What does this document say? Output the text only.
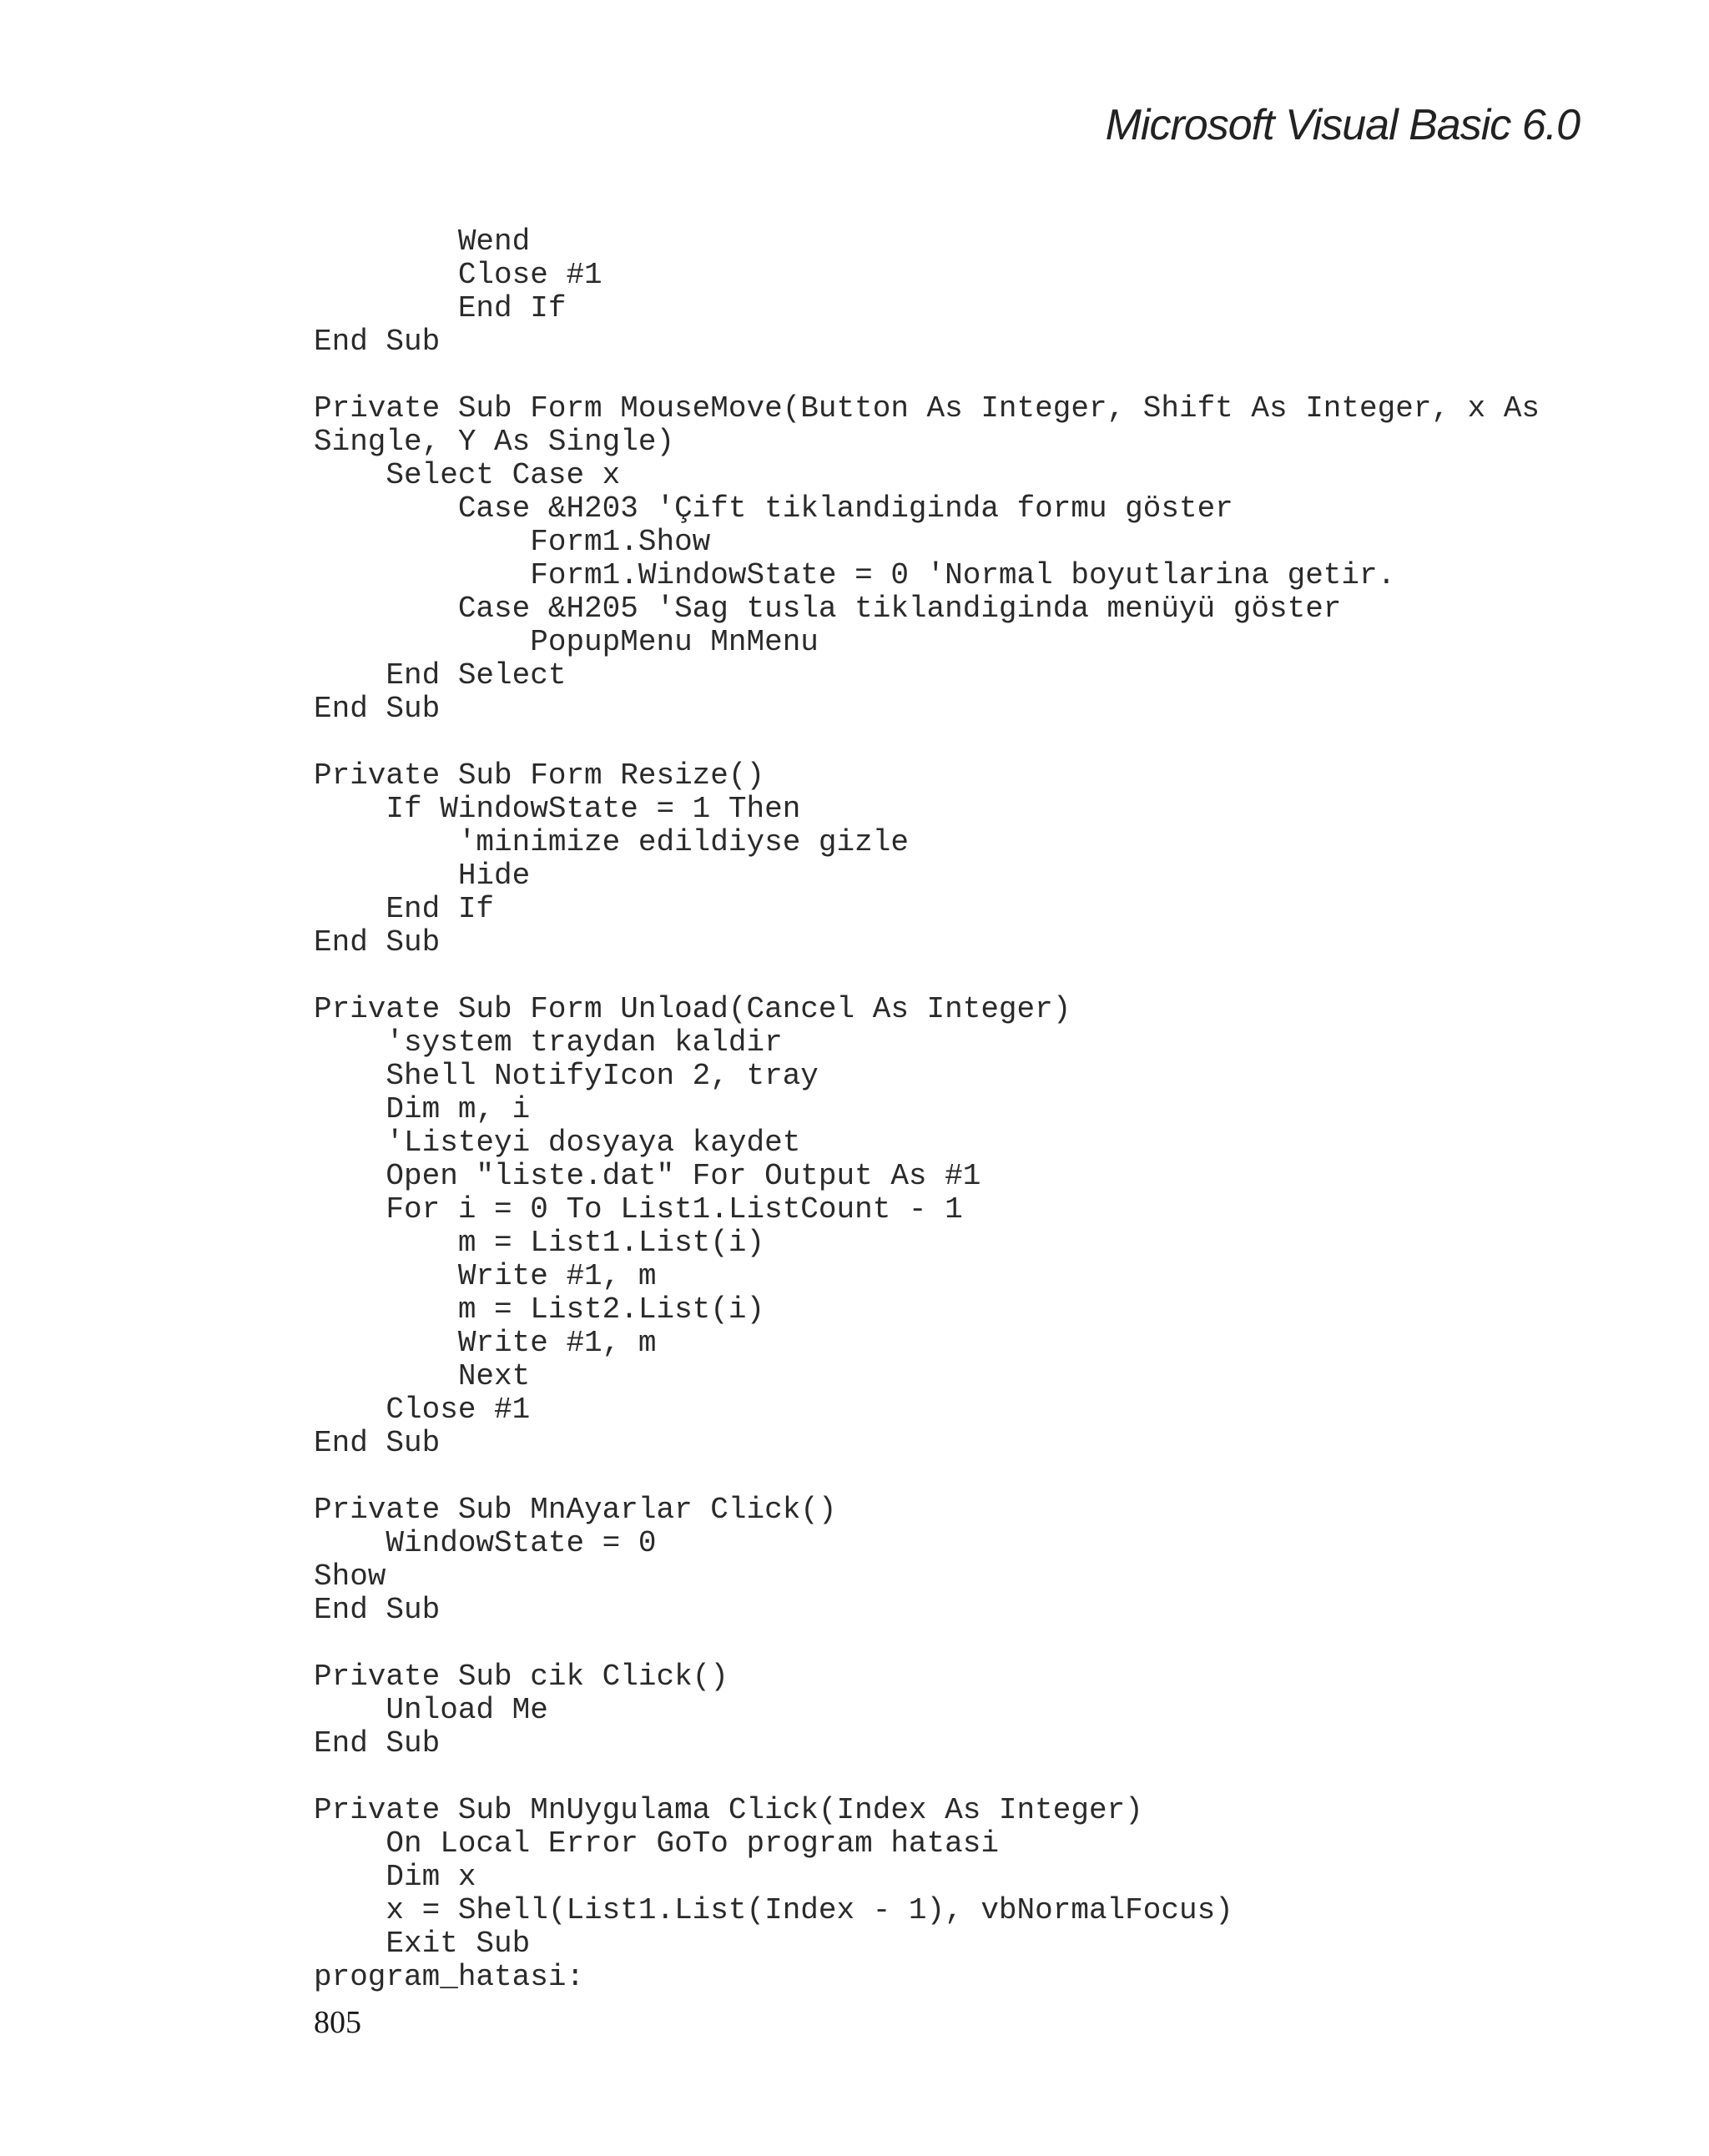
Microsoft Visual Basic 6.0
Wend
Close #1
End If
End Sub
Private Sub Form MouseMove(Button As Integer, Shift As Integer, x As
Single, Y As Single)
Select Case x
Case &H203 'Çift tiklandiginda formu göster
Form1.Show
Form1.WindowState = 0 'Normal boyutlarina getir.
Case &H205 'Sag tusla tiklandiginda menüyü göster
PopupMenu MnMenu
End Select
End Sub
Private Sub Form Resize()
If WindowState = 1 Then
'minimize edildiyse gizle
Hide
End If
End Sub
Private Sub Form Unload(Cancel As Integer)
'system traydan kaldir
Shell NotifyIcon 2, tray
Dim m, i
'Listeyi dosyaya kaydet
Open "liste.dat" For Output As #1
For i = 0 To List1.ListCount - 1
m = List1.List(i)
Write #1, m
m = List2.List(i)
Write #1, m
Next
Close #1
End Sub
Private Sub MnAyarlar Click()
WindowState = 0
Show
End Sub
Private Sub cik Click()
Unload Me
End Sub
Private Sub MnUygulama Click(Index As Integer)
On Local Error GoTo program hatasi
Dim x
x = Shell(List1.List(Index - 1), vbNormalFocus)
Exit Sub
program_hatasi:
805
